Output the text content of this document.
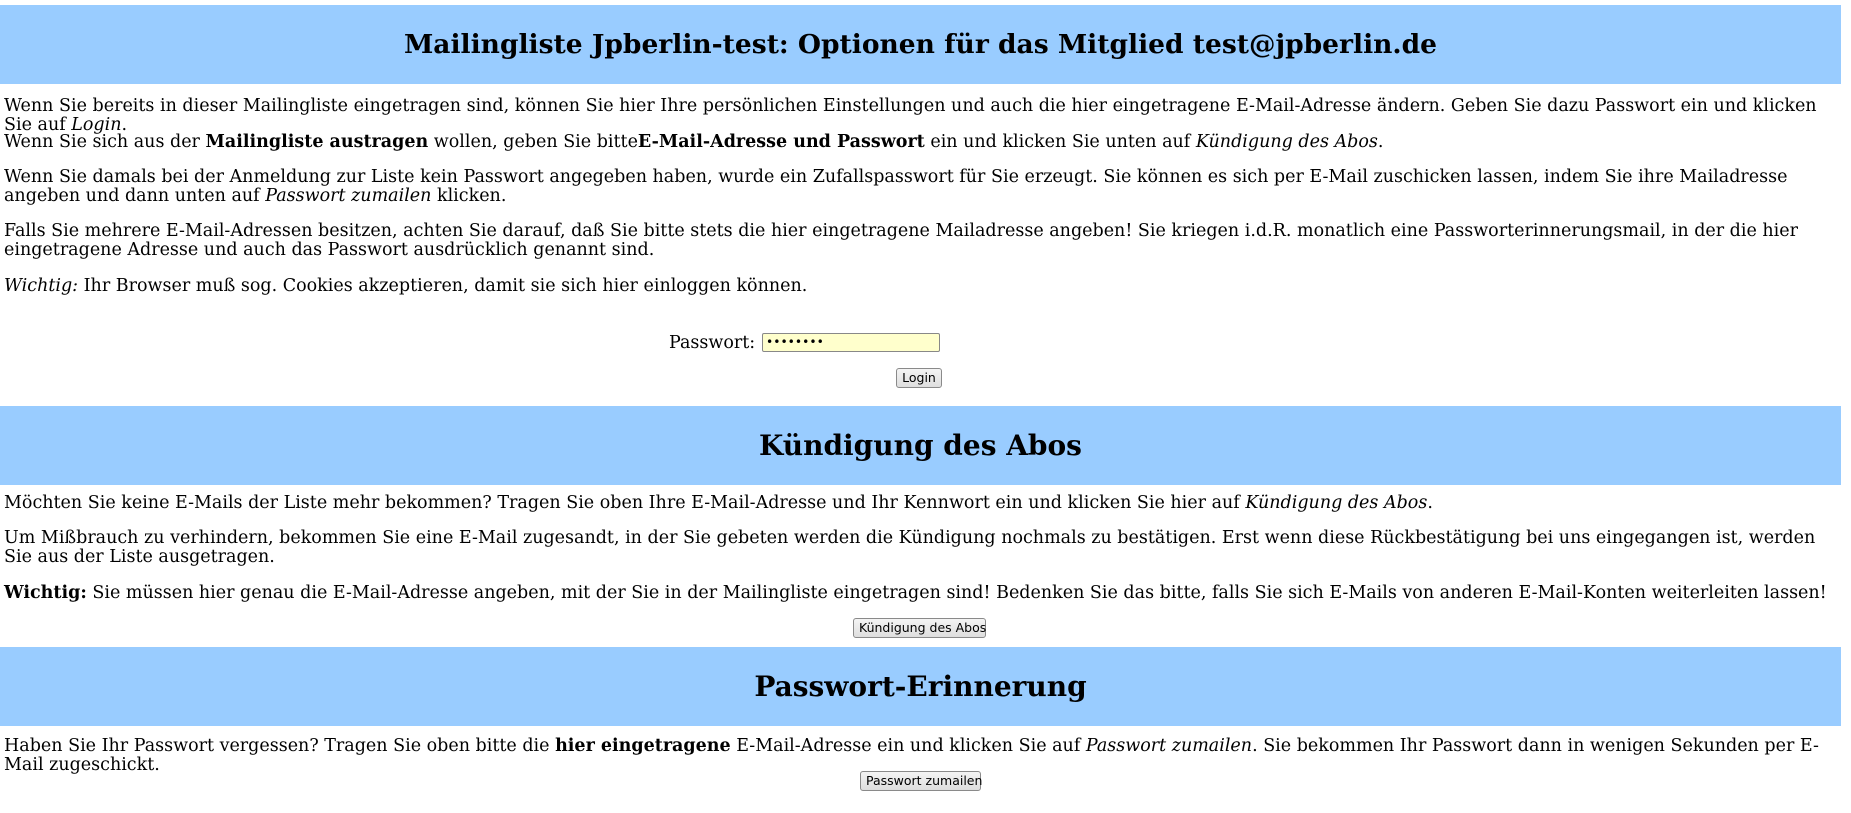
Mailingliste Jpberlin-test: Optionen für das Mitglied test@jpberlin.de

Wenn Sie bereits in dieser Mailingliste eingetragen sind, können Sie hier Ihre persönlichen Einstellungen und auch die hier eingetragene E-Mail-Adresse ändern. Geben Sie dazu Passwort ein und klicken Sie auf Login.

Wenn Sie sich aus der Mailingliste austragen wollen, geben Sie bitteE-Mail-Adresse und Passwort ein und klicken Sie unten auf Kündigung des Abos.

Wenn Sie damals bei der Anmeldung zur Liste kein Passwort angegeben haben, wurde ein Zufallspasswort für Sie erzeugt. Sie können es sich per E-Mail zuschicken lassen, indem Sie ihre Mailadresse angeben und dann unten auf Passwort zumailen klicken.

Falls Sie mehrere E-Mail-Adressen besitzen, achten Sie darauf, daß Sie bitte stets die hier eingetragene Mailadresse angeben! Sie kriegen i.d.R. monatlich eine Passworterinnerungsmail, in der die hier eingetragene Adresse und auch das Passwort ausdrücklich genannt sind.

Wichtig: Ihr Browser muß sog. Cookies akzeptieren, damit sie sich hier einloggen können.

Passwort: ••••••••
Login
Kündigung des Abos

Möchten Sie keine E-Mails der Liste mehr bekommen? Tragen Sie oben Ihre E-Mail-Adresse und Ihr Kennwort ein und klicken Sie hier auf Kündigung des Abos.

Um Mißbrauch zu verhindern, bekommen Sie eine E-Mail zugesandt, in der Sie gebeten werden die Kündigung nochmals zu bestätigen. Erst wenn diese Rückbestätigung bei uns eingegangen ist, werden Sie aus der Liste ausgetragen.

Wichtig: Sie müssen hier genau die E-Mail-Adresse angeben, mit der Sie in der Mailingliste eingetragen sind! Bedenken Sie das bitte, falls Sie sich E-Mails von anderen E-Mail-Konten weiterleiten lassen!

Kündigung des Abos
Passwort-Erinnerung

Haben Sie Ihr Passwort vergessen? Tragen Sie oben bitte die hier eingetragene E-Mail-Adresse ein und klicken Sie auf Passwort zumailen. Sie bekommen Ihr Passwort dann in wenigen Sekunden per E-Mail zugeschickt.

Passwort zumailen
